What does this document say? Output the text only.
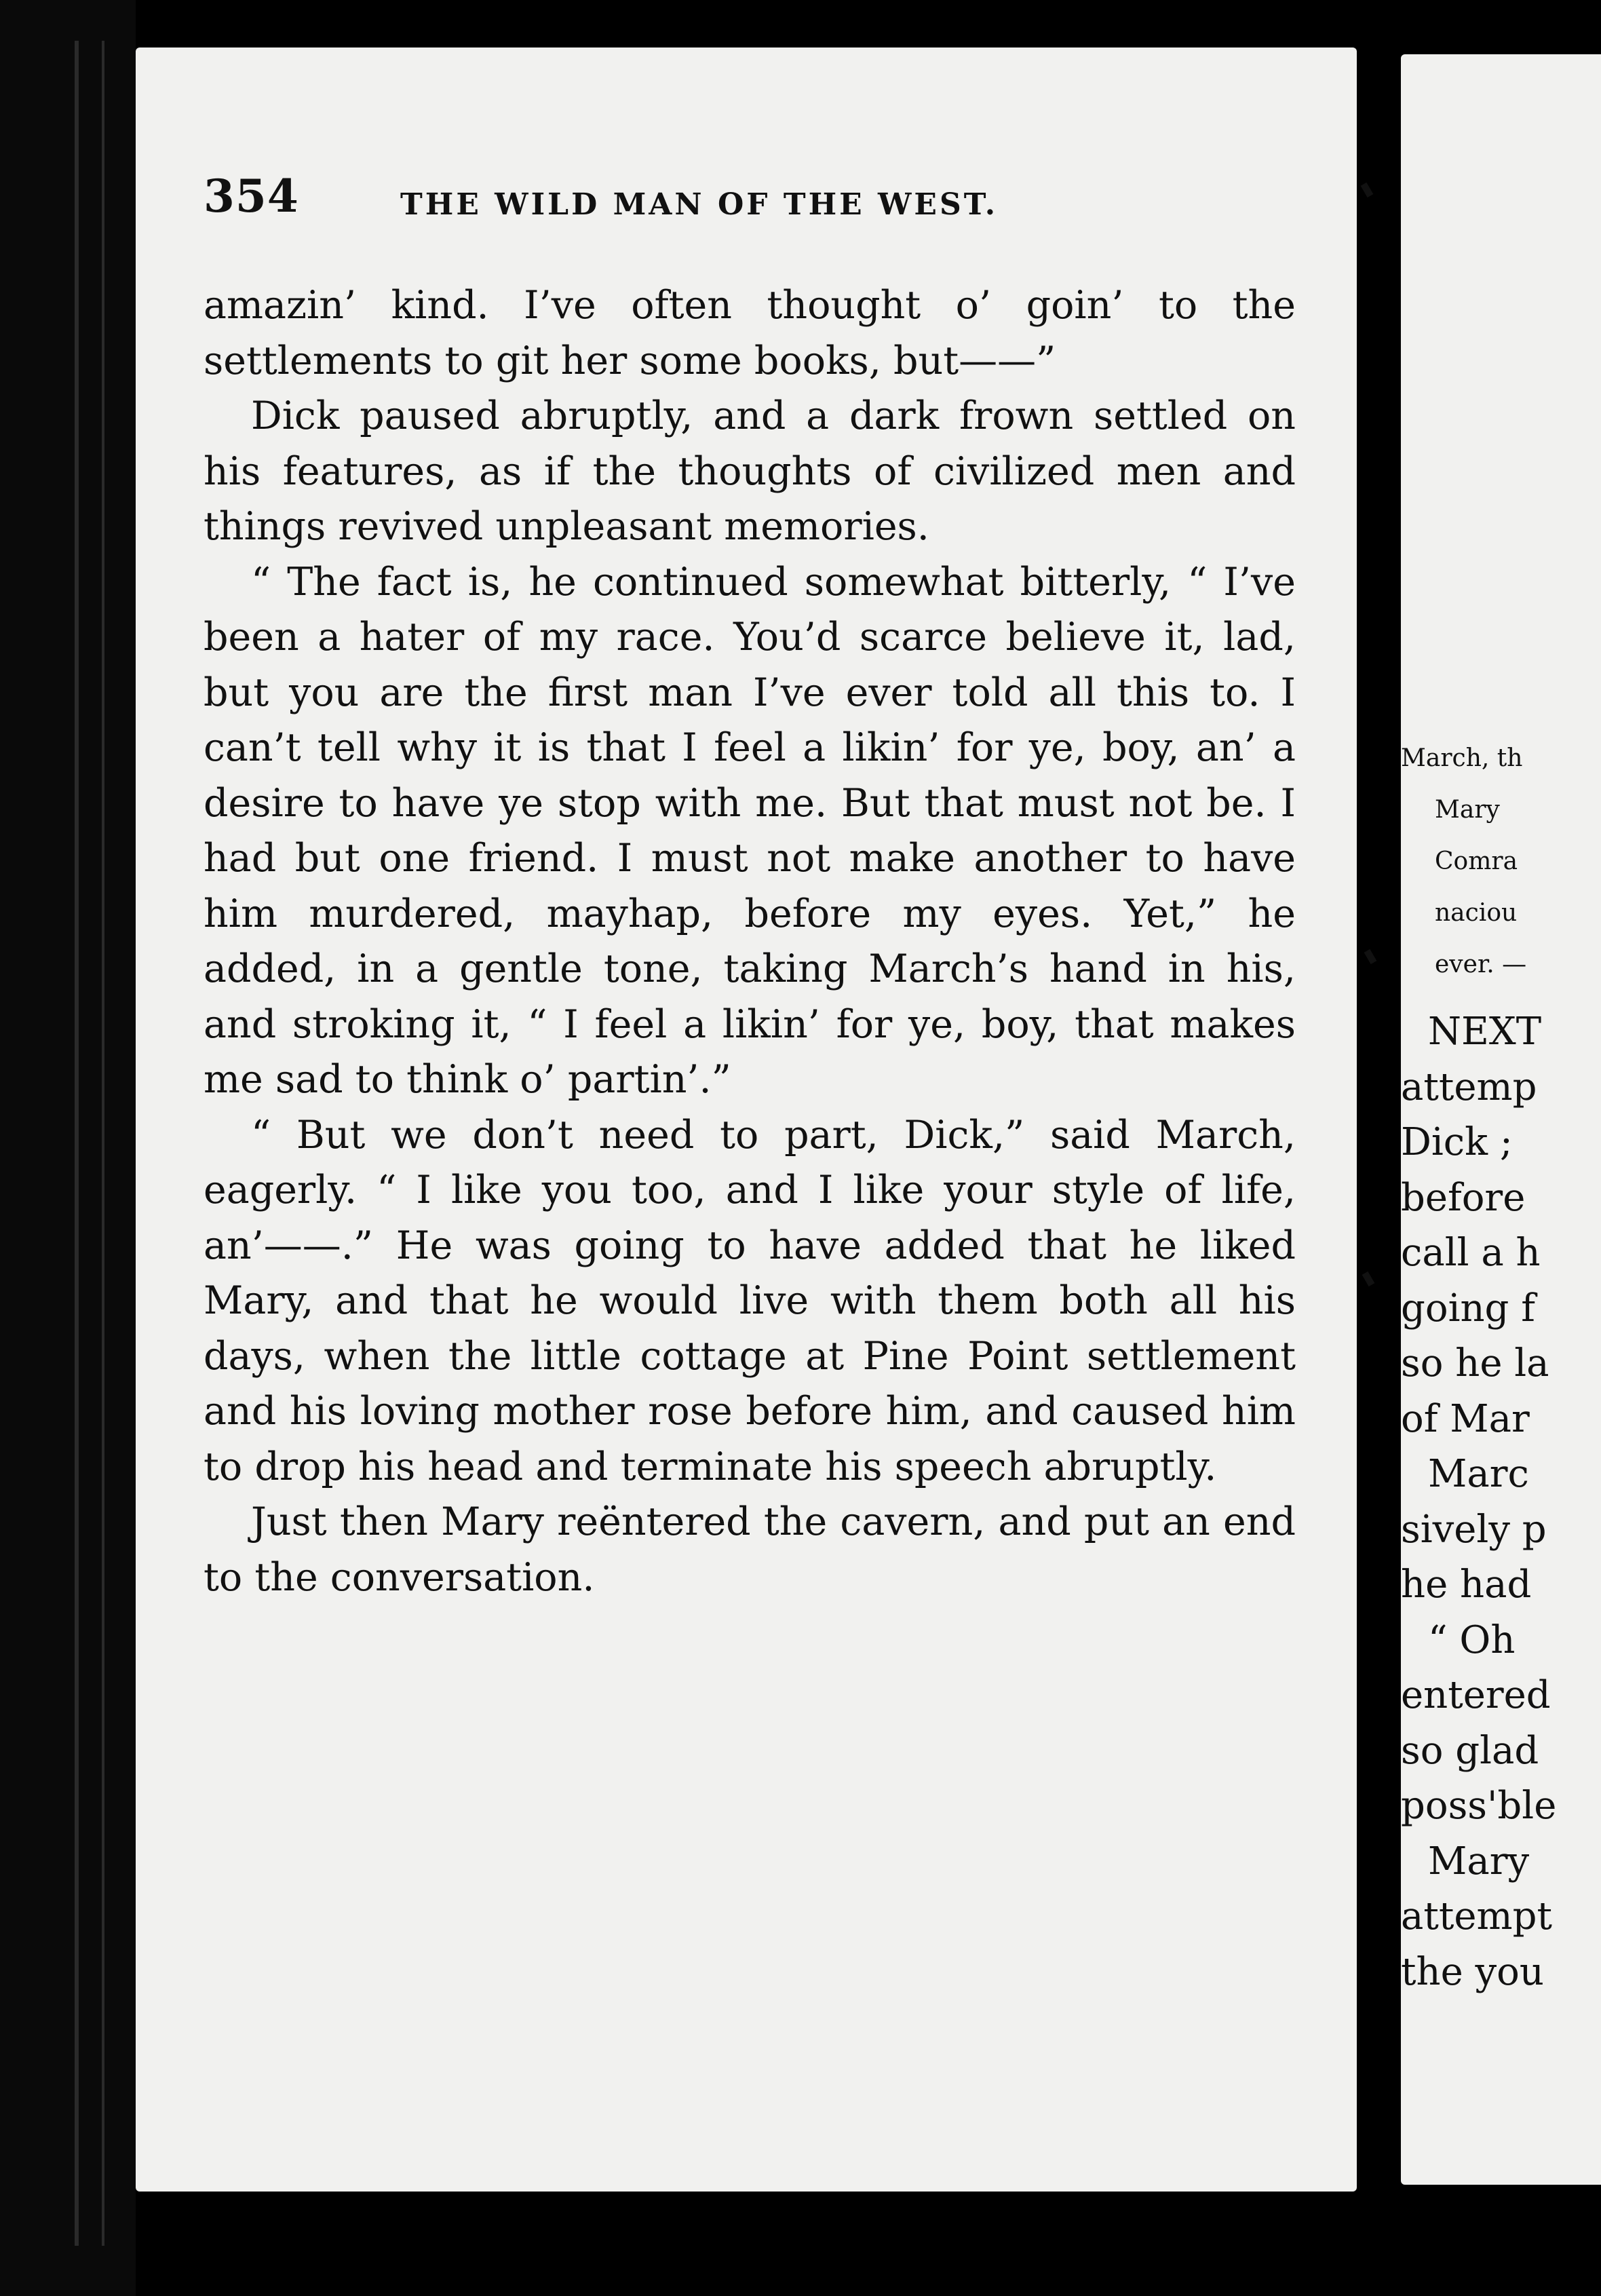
354	THE WILD MAN OF THE WEST.

amazin’ kind. I’ve often thought o’ goin’ to the settlements to git her some books, but——”

Dick paused abruptly, and a dark frown settled on his features, as if the thoughts of civilized men and things revived unpleasant memories.

“ The fact is, he continued somewhat bitterly, “ I’ve been a hater of my race. You’d scarce believe it, lad, but you are the first man I’ve ever told all this to. I can’t tell why it is that I feel a likin’ for ye, boy, an’ a desire to have ye stop with me. But that must not be. I had but one friend. I must not make another to have him murdered, mayhap, before my eyes. Yet,” he added, in a gentle tone, taking March’s hand in his, and stroking it, “ I feel a likin’ for ye, boy, that makes me sad to think o’ partin’.”

“ But we don’t need to part, Dick,” said March, eagerly. “ I like you too, and I like your style of life, an’——.” He was going to have added that he liked Mary, and that he would live with them both all his days, when the little cottage at Pine Point settlement and his loving mother rose before him, and caused him to drop his head and terminate his speech abruptly.

Just then Mary reëntered the cavern, and put an end to the conversation.

March, th
Mary
Comra
naciou
ever. —
NEXT
attemp
Dick ;
before
call a h
going f
so he la
of Mar
Marc
sively p
he had
“ Oh
entered
so glad
poss'ble
Mary
attempt
the you
